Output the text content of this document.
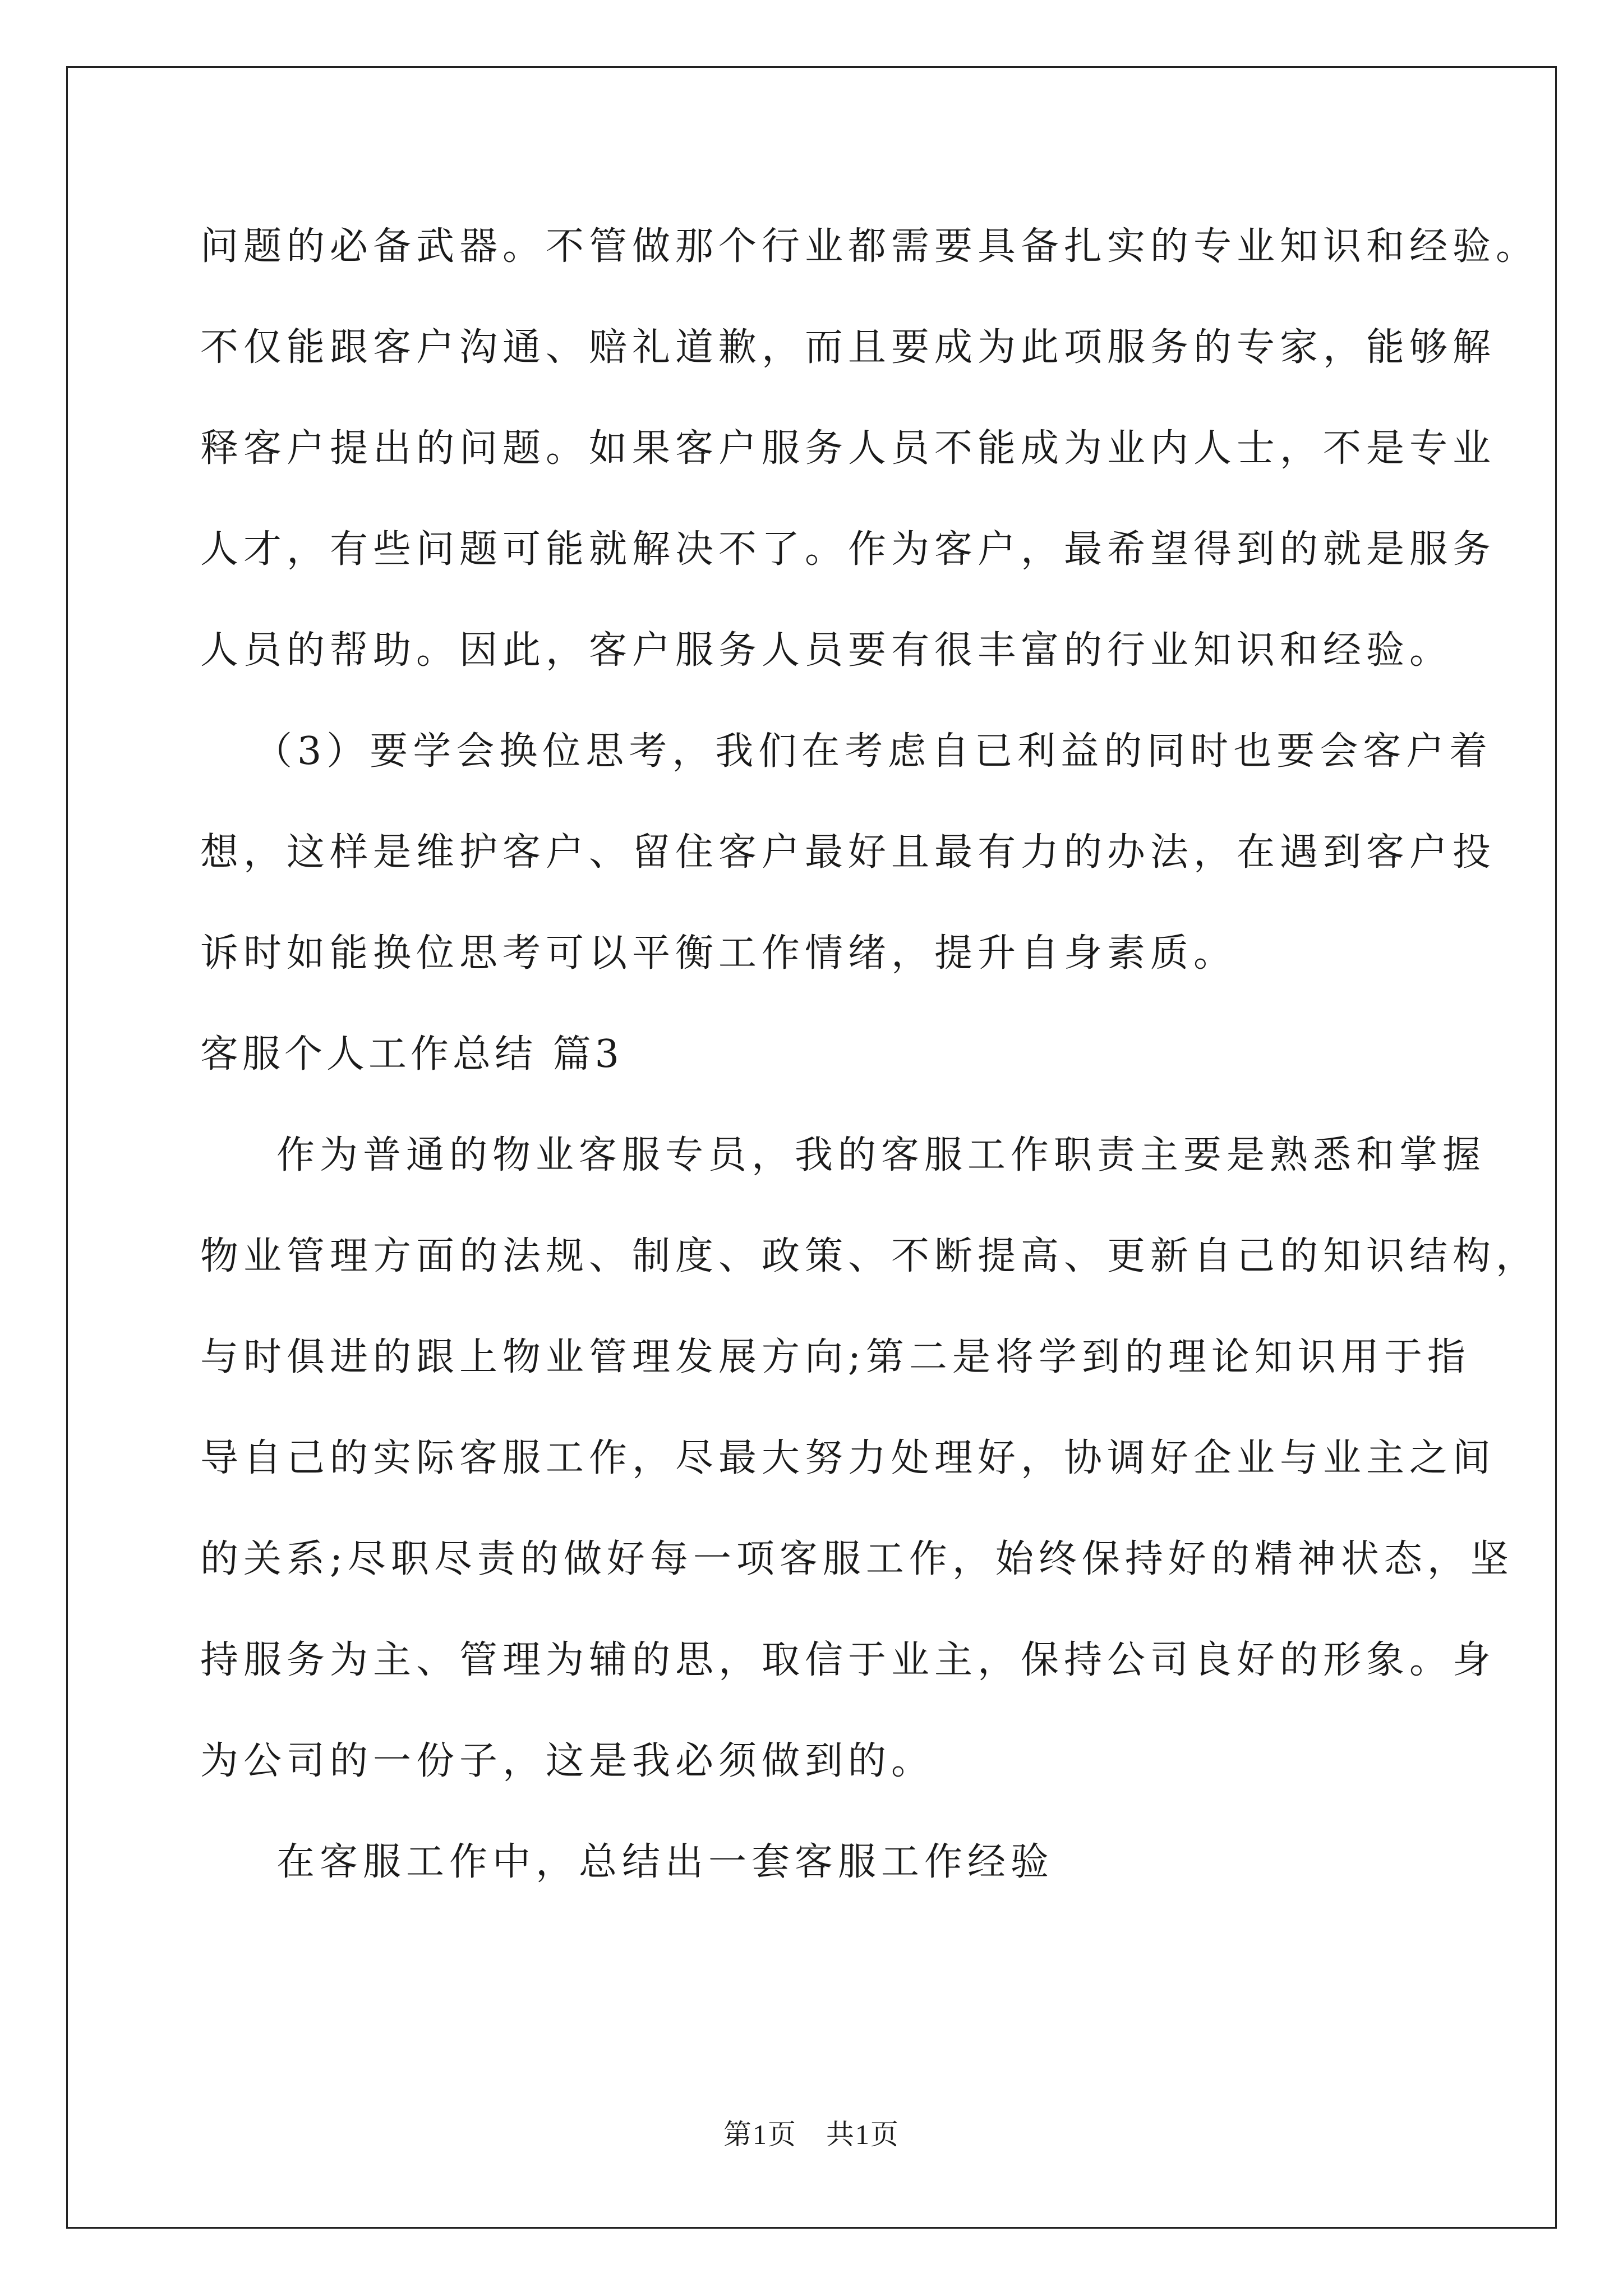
问题的必备武器。不管做那个行业都需要具备扎实的专业知识和经验。
不仅能跟客户沟通、赔礼道歉，而且要成为此项服务的专家，能够解
释客户提出的问题。如果客户服务人员不能成为业内人士，不是专业
人才，有些问题可能就解决不了。作为客户，最希望得到的就是服务
人员的帮助。因此，客户服务人员要有很丰富的行业知识和经验。
（3）要学会换位思考，我们在考虑自已利益的同时也要会客户着
想，这样是维护客户、留住客户最好且最有力的办法，在遇到客户投
诉时如能换位思考可以平衡工作情绪，提升自身素质。
客服个人工作总结 篇3
作为普通的物业客服专员，我的客服工作职责主要是熟悉和掌握
物业管理方面的法规、制度、政策、不断提高、更新自己的知识结构，
与时俱进的跟上物业管理发展方向;第二是将学到的理论知识用于指
导自己的实际客服工作，尽最大努力处理好，协调好企业与业主之间
的关系;尽职尽责的做好每一项客服工作，始终保持好的精神状态，坚
持服务为主、管理为辅的思，取信于业主，保持公司良好的形象。身
为公司的一份子，这是我必须做到的。
在客服工作中，总结出一套客服工作经验
第1页　共1页
